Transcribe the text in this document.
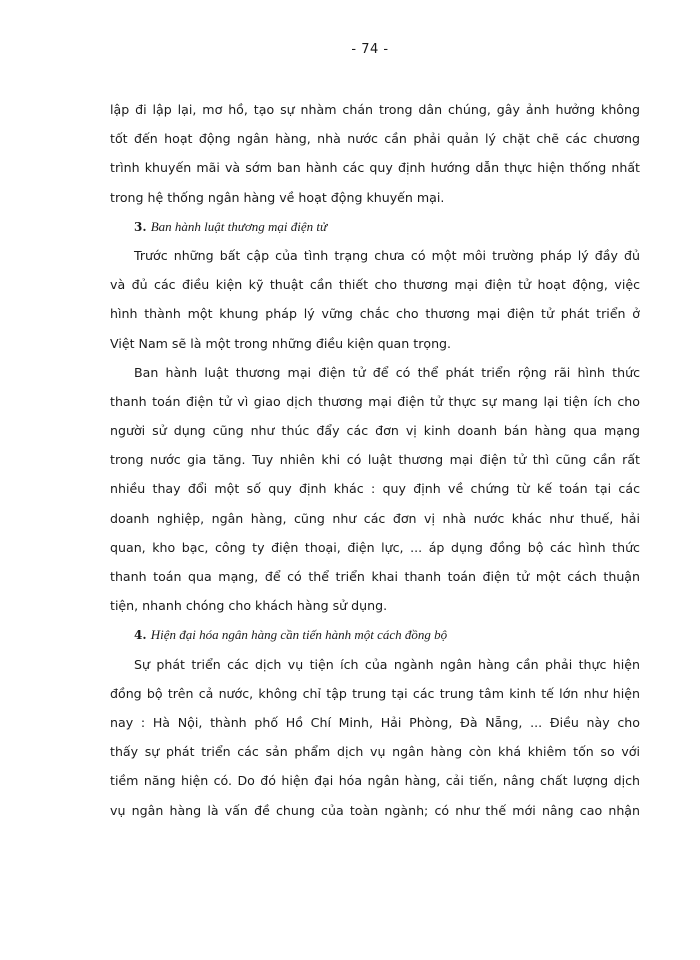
- 74 -
lập đi lập lại, mơ hồ, tạo sự nhàm chán trong dân chúng, gây ảnh hưởng không
tốt đến hoạt động ngân hàng, nhà nước cần phải quản lý chặt chẽ các chương
trình khuyến mãi và sớm ban hành các quy định hướng dẫn thực hiện thống nhất
trong hệ thống ngân hàng về hoạt động khuyến mại.
3. Ban hành luật thương mại điện tử
Trước những bất cập của tình trạng chưa có một môi trường pháp lý đầy đủ
và đủ các điều kiện kỹ thuật cần thiết cho thương mại điện tử hoạt động, việc
hình thành một khung pháp lý vững chắc cho thương mại điện tử phát triển ở
Việt Nam sẽ là một trong những điều kiện quan trọng.
Ban hành luật thương mại điện tử để có thể phát triển rộng rãi hình thức
thanh toán điện tử vì giao dịch thương mại điện tử thực sự mang lại tiện ích cho
người sử dụng cũng như thúc đẩy các đơn vị kinh doanh bán hàng qua mạng
trong nước gia tăng. Tuy nhiên khi có luật thương mại điện tử thì cũng cần rất
nhiều thay đổi một số quy định khác : quy định về chứng từ kế toán tại các
doanh nghiệp, ngân hàng, cũng như các đơn vị nhà nước khác như thuế, hải
quan, kho bạc, công ty điện thoại, điện lực, ... áp dụng đồng bộ các hình thức
thanh toán qua mạng, để có thể triển khai thanh toán điện tử một cách thuận
tiện, nhanh chóng cho khách hàng sử dụng.
4. Hiện đại hóa ngân hàng cần tiến hành một cách đồng bộ
Sự phát triển các dịch vụ tiện ích của ngành ngân hàng cần phải thực hiện
đồng bộ trên cả nước, không chỉ tập trung tại các trung tâm kinh tế lớn như hiện
nay : Hà Nội, thành phố Hồ Chí Minh, Hải Phòng, Đà Nẵng, ... Điều này cho
thấy sự phát triển các sản phẩm dịch vụ ngân hàng còn khá khiêm tốn so với
tiềm năng hiện có. Do đó hiện đại hóa ngân hàng, cải tiến, nâng chất lượng dịch
vụ ngân hàng là vấn đề chung của toàn ngành; có như thế mới nâng cao nhận
